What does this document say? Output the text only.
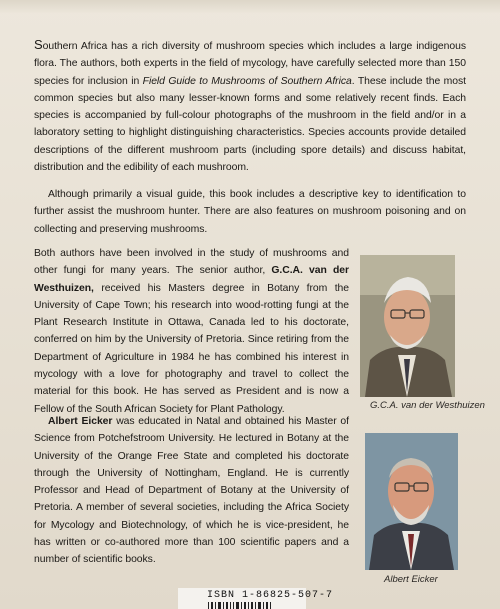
Southern Africa has a rich diversity of mushroom species which includes a large indigenous flora. The authors, both experts in the field of mycology, have carefully selected more than 150 species for inclusion in Field Guide to Mushrooms of Southern Africa. These include the most common species but also many lesser-known forms and some relatively recent finds. Each species is accompanied by full-colour photographs of the mushroom in the field and/or in a laboratory setting to highlight distinguishing characteristics. Species accounts provide detailed descriptions of the different mushroom parts (including spore details) and discuss habitat, distribution and the edibility of each mushroom.

Although primarily a visual guide, this book includes a descriptive key to identification to further assist the mushroom hunter. There are also features on mushroom poisoning and on collecting and preserving mushrooms.

Both authors have been involved in the study of mushrooms and other fungi for many years. The senior author, G.C.A. van der Westhuizen, received his Masters degree in Botany from the University of Cape Town; his research into wood-rotting fungi at the Plant Research Institute in Ottawa, Canada led to his doctorate, conferred on him by the University of Pretoria. Since retiring from the Department of Agriculture in 1984 he has combined his interest in mycology with a love for photography and travel to collect the material for this book. He has served as President and is now a Fellow of the South African Society for Plant Pathology.	G.C.A. van der Westhuizen

Albert Eicker was educated in Natal and obtained his Master of Science from Potchefstroom University. He lectured in Botany at the University of the Orange Free State and completed his doctorate through the University of Nottingham, England. He is currently Professor and Head of Department of Botany at the University of Pretoria. A member of several societies, including the Africa Society for Mycology and Biotechnology, of which he is vice-president, he has written or co-authored more than 100 scientific papers and a number of scientific books.

Albert Eicker

ISBN 1-86825-507-7
